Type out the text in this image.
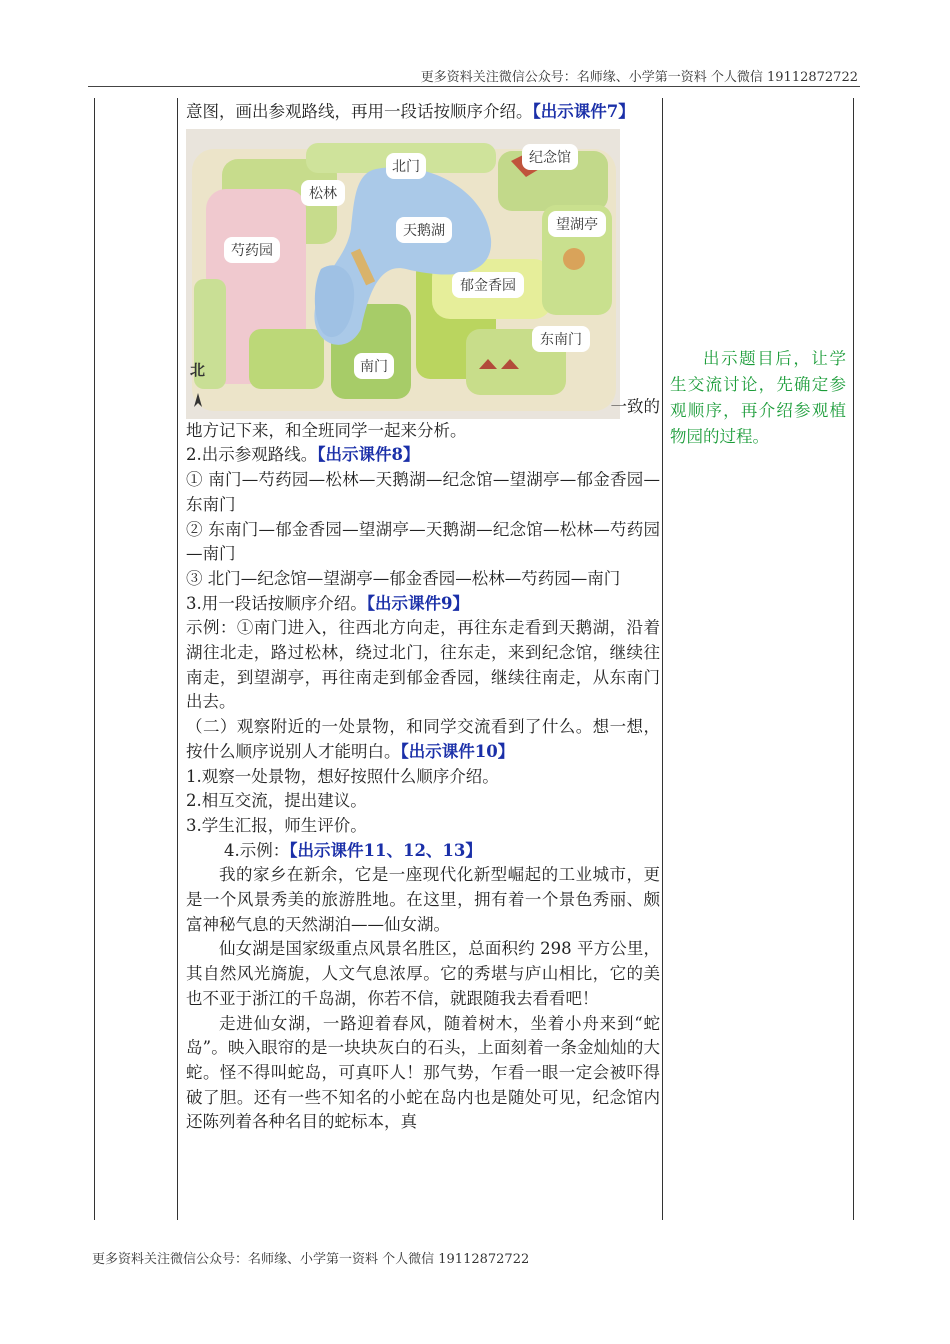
更多资料关注微信公众号：名师缘、小学第一资料 个人微信 19112872722

意图，画出参观路线，再用一段话按顺序介绍。【出示课件7】

北门
纪念馆
松林
天鹅湖	望湖亭
芍药园
郁金香园
东南门
南门
北
一致的

地方记下来，和全班同学一起来分析。

2.出示参观路线。【出示课件8】

① 南门—芍药园—松林—天鹅湖—纪念馆—望湖亭—郁金香园—东南门

② 东南门—郁金香园—望湖亭—天鹅湖—纪念馆—松林—芍药园—南门

③ 北门—纪念馆—望湖亭—郁金香园—松林—芍药园—南门

3.用一段话按顺序介绍。【出示课件9】

示例：①南门进入，往西北方向走，再往东走看到天鹅湖，沿着湖往北走，路过松林，绕过北门，往东走，来到纪念馆，继续往南走，到望湖亭，再往南走到郁金香园，继续往南走，从东南门出去。

（二）观察附近的一处景物，和同学交流看到了什么。想一想，按什么顺序说别人才能明白。【出示课件10】

1.观察一处景物，想好按照什么顺序介绍。

2.相互交流，提出建议。

3.学生汇报，师生评价。

4.示例：【出示课件11、12、13】

我的家乡在新余，它是一座现代化新型崛起的工业城市，更是一个风景秀美的旅游胜地。在这里，拥有着一个景色秀丽、颇富神秘气息的天然湖泊——仙女湖。

仙女湖是国家级重点风景名胜区，总面积约 298 平方公里，其自然风光旖旎，人文气息浓厚。它的秀堪与庐山相比，它的美也不亚于浙江的千岛湖，你若不信，就跟随我去看看吧！

走进仙女湖，一路迎着春风，随着树木，坐着小舟来到“蛇岛”。映入眼帘的是一块块灰白的石头，上面刻着一条金灿灿的大蛇。怪不得叫蛇岛，可真吓人！那气势，乍看一眼一定会被吓得破了胆。还有一些不知名的小蛇在岛内也是随处可见，纪念馆内还陈列着各种名目的蛇标本，真

出示题目后，让学生交流讨论，先确定参观顺序，再介绍参观植物园的过程。
更多资料关注微信公众号：名师缘、小学第一资料 个人微信 19112872722
